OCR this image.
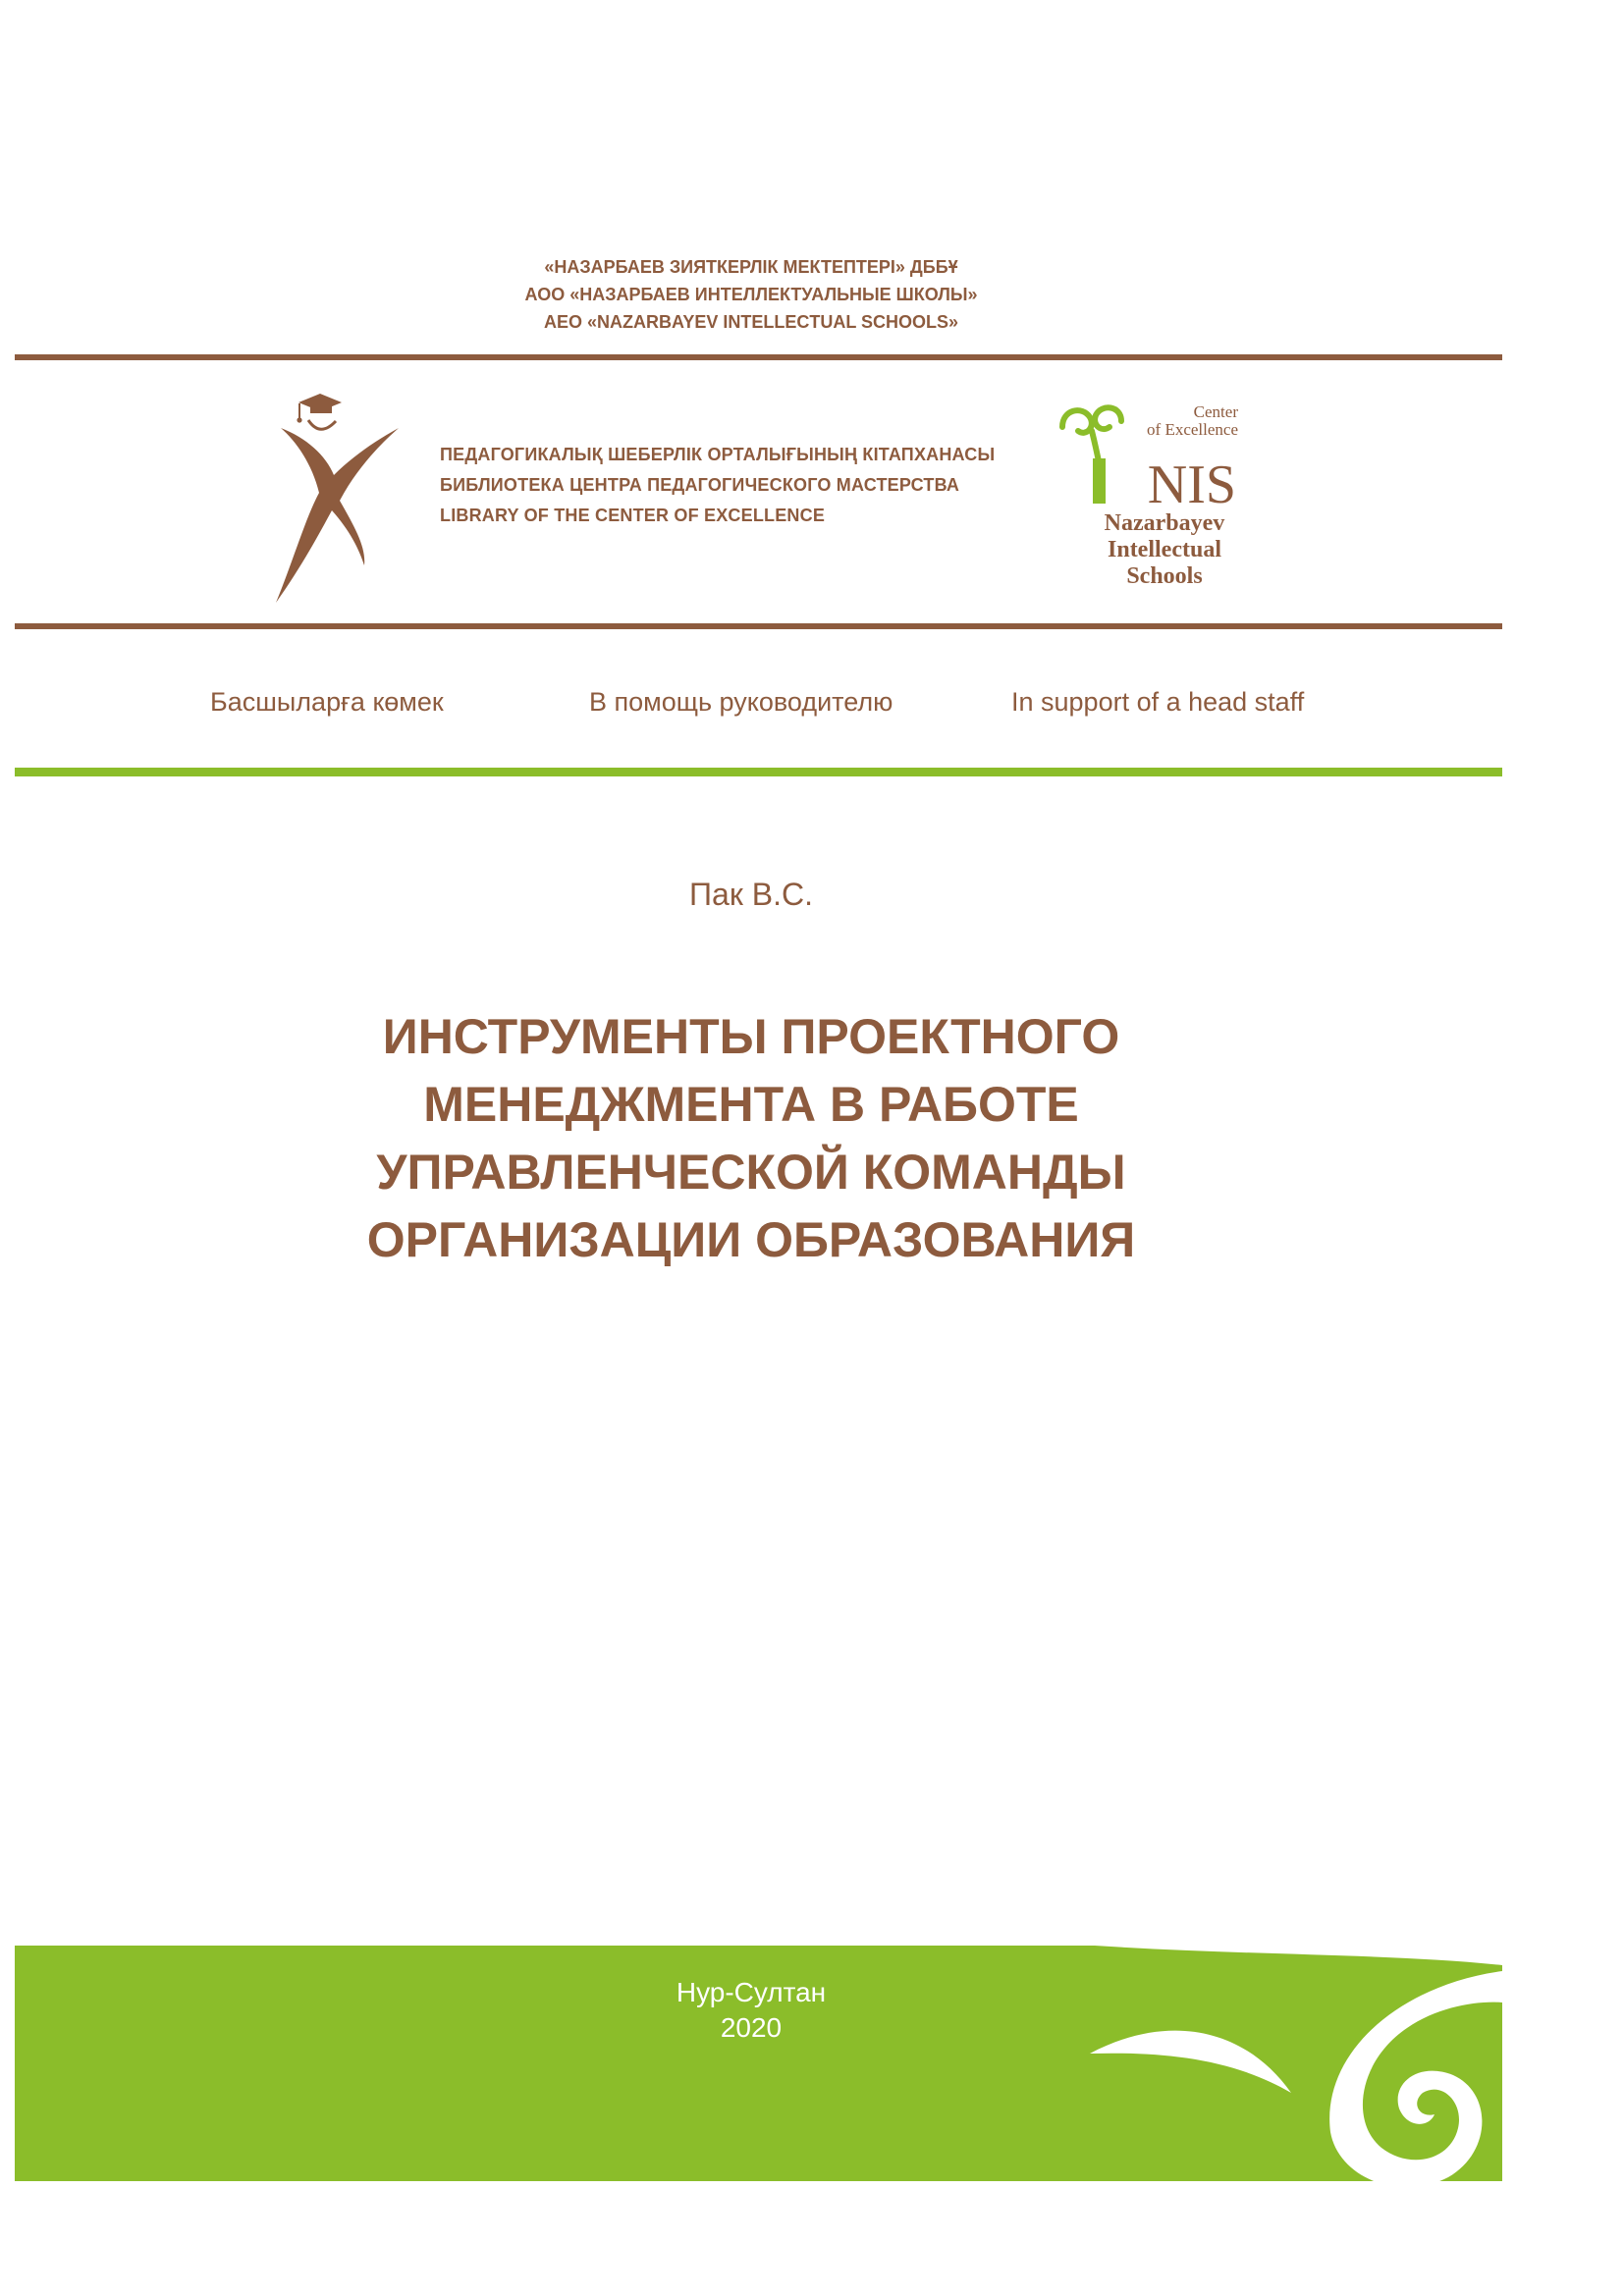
«НАЗАРБАЕВ ЗИЯТКЕРЛІК МЕКТЕПТЕРІ» ДББҰ
АОО «НАЗАРБАЕВ ИНТЕЛЛЕКТУАЛЬНЫЕ ШКОЛЫ»
AEO «NAZARBAYEV INTELLECTUAL SCHOOLS»
ПЕДАГОГИКАЛЫҚ ШЕБЕРЛІК ОРТАЛЫҒЫНЫҢ КІТАПХАНАСЫ
БИБЛИОТЕКА ЦЕНТРА ПЕДАГОГИЧЕСКОГО МАСТЕРСТВА
LIBRARY OF THE CENTER OF EXCELLENCE
Center
of Excellence
NIS
Nazarbayev
Intellectual
Schools
Басшыларға көмек	В помощь руководителю	In support of a head staff
Пак В.С.
ИНСТРУМЕНТЫ ПРОЕКТНОГО
МЕНЕДЖМЕНТА В РАБОТЕ
УПРАВЛЕНЧЕСКОЙ КОМАНДЫ
ОРГАНИЗАЦИИ ОБРАЗОВАНИЯ
Нур-Султан
2020
